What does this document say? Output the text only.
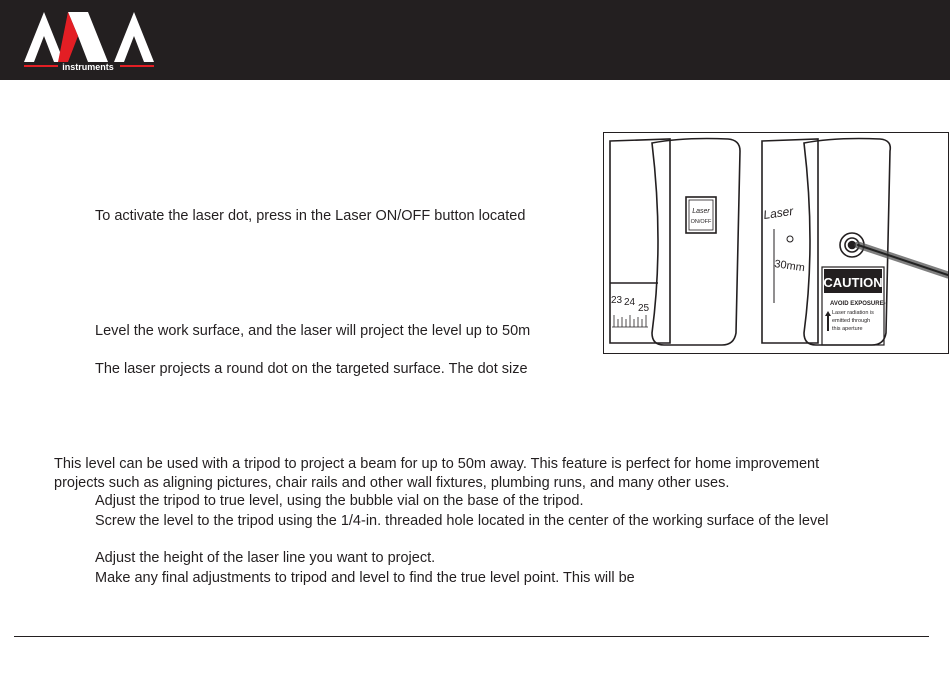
instruments
To activate the laser dot, press in the Laser ON/OFF button located
Level the work surface, and the laser will project the level up to 50m
The laser projects a round dot on the targeted surface. The dot size
This level can be used with a tripod to project a beam for up to 50m away. This feature is perfect for home improvement
projects such as aligning pictures, chair rails and other wall fixtures, plumbing runs, and many other uses.
Adjust the tripod to true level, using the bubble vial on the base of the tripod.
Screw the level to the tripod using the 1/4-in. threaded hole located in the center of the working surface of the level
Adjust the height of the laser line you want to project.
Make any final adjustments to tripod and level to find the true level point. This will be
Laser
ON/OFF
23 24
25
Laser
30mm
CAUTION
AVOID EXPOSURE-
Laser radiation is
emitted through
this aperture
